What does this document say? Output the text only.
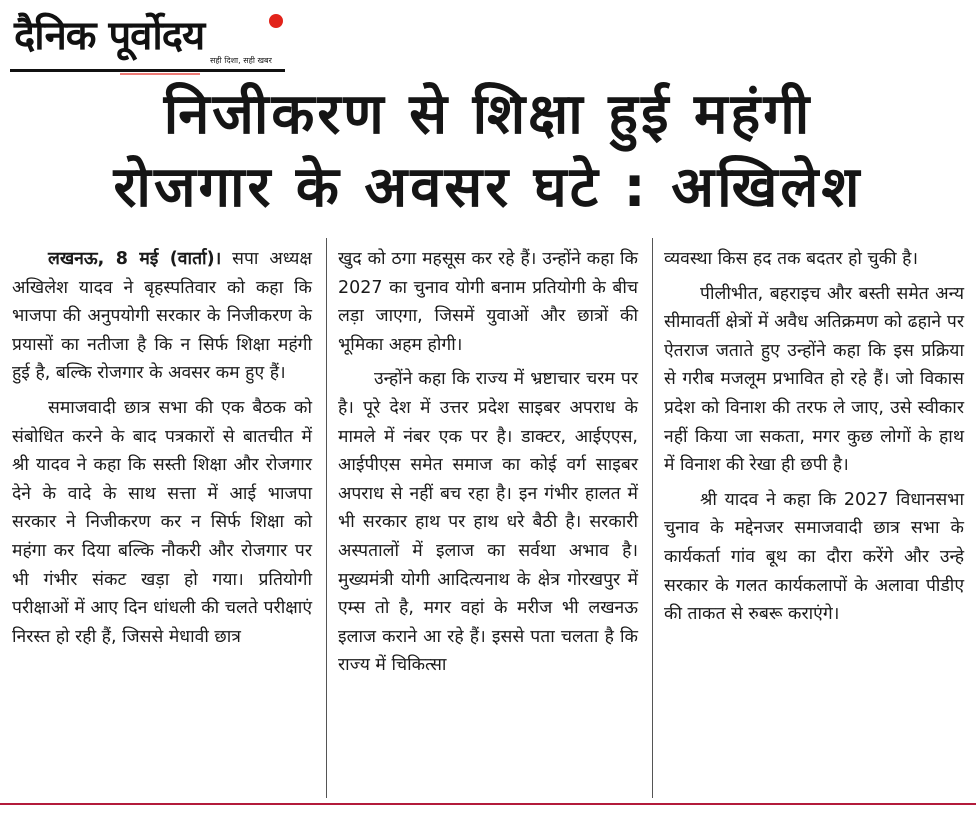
दैनिक पूर्वोदय
सही दिशा, सही खबर
निजीकरण से शिक्षा हुई महंगी
रोजगार के अवसर घटे : अखिलेश

लखनऊ, 8 मई (वार्ता)। सपा अध्यक्ष अखिलेश यादव ने बृहस्पतिवार को कहा कि भाजपा की अनुपयोगी सरकार के निजीकरण के प्रयासों का नतीजा है कि न सिर्फ शिक्षा महंगी हुई है, बल्कि रोजगार के अवसर कम हुए हैं।

समाजवादी छात्र सभा की एक बैठक को संबोधित करने के बाद पत्रकारों से बातचीत में श्री यादव ने कहा कि सस्ती शिक्षा और रोजगार देने के वादे के साथ सत्ता में आई भाजपा सरकार ने निजीकरण कर न सिर्फ शिक्षा को महंगा कर दिया बल्कि नौकरी और रोजगार पर भी गंभीर संकट खड़ा हो गया। प्रतियोगी परीक्षाओं में आए दिन धांधली की चलते परीक्षाएं निरस्त हो रही हैं, जिससे मेधावी छात्र

खुद को ठगा महसूस कर रहे हैं। उन्होंने कहा कि 2027 का चुनाव योगी बनाम प्रतियोगी के बीच लड़ा जाएगा, जिसमें युवाओं और छात्रों की भूमिका अहम होगी।

उन्होंने कहा कि राज्य में भ्रष्टाचार चरम पर है। पूरे देश में उत्तर प्रदेश साइबर अपराध के मामले में नंबर एक पर है। डाक्टर, आईएएस, आईपीएस समेत समाज का कोई वर्ग साइबर अपराध से नहीं बच रहा है। इन गंभीर हालत में भी सरकार हाथ पर हाथ धरे बैठी है। सरकारी अस्पतालों में इलाज का सर्वथा अभाव है। मुख्यमंत्री योगी आदित्यनाथ के क्षेत्र गोरखपुर में एम्स तो है, मगर वहां के मरीज भी लखनऊ इलाज कराने आ रहे हैं। इससे पता चलता है कि राज्य में चिकित्सा

व्यवस्था किस हद तक बदतर हो चुकी है।

पीलीभीत, बहराइच और बस्ती समेत अन्य सीमावर्ती क्षेत्रों में अवैध अतिक्रमण को ढहाने पर ऐतराज जताते हुए उन्होंने कहा कि इस प्रक्रिया से गरीब मजलूम प्रभावित हो रहे हैं। जो विकास प्रदेश को विनाश की तरफ ले जाए, उसे स्वीकार नहीं किया जा सकता, मगर कुछ लोगों के हाथ में विनाश की रेखा ही छपी है।

श्री यादव ने कहा कि 2027 विधानसभा चुनाव के मद्देनजर समाजवादी छात्र सभा के कार्यकर्ता गांव बूथ का दौरा करेंगे और उन्हे सरकार के गलत कार्यकलापों के अलावा पीडीए की ताकत से रुबरू कराएंगे।
